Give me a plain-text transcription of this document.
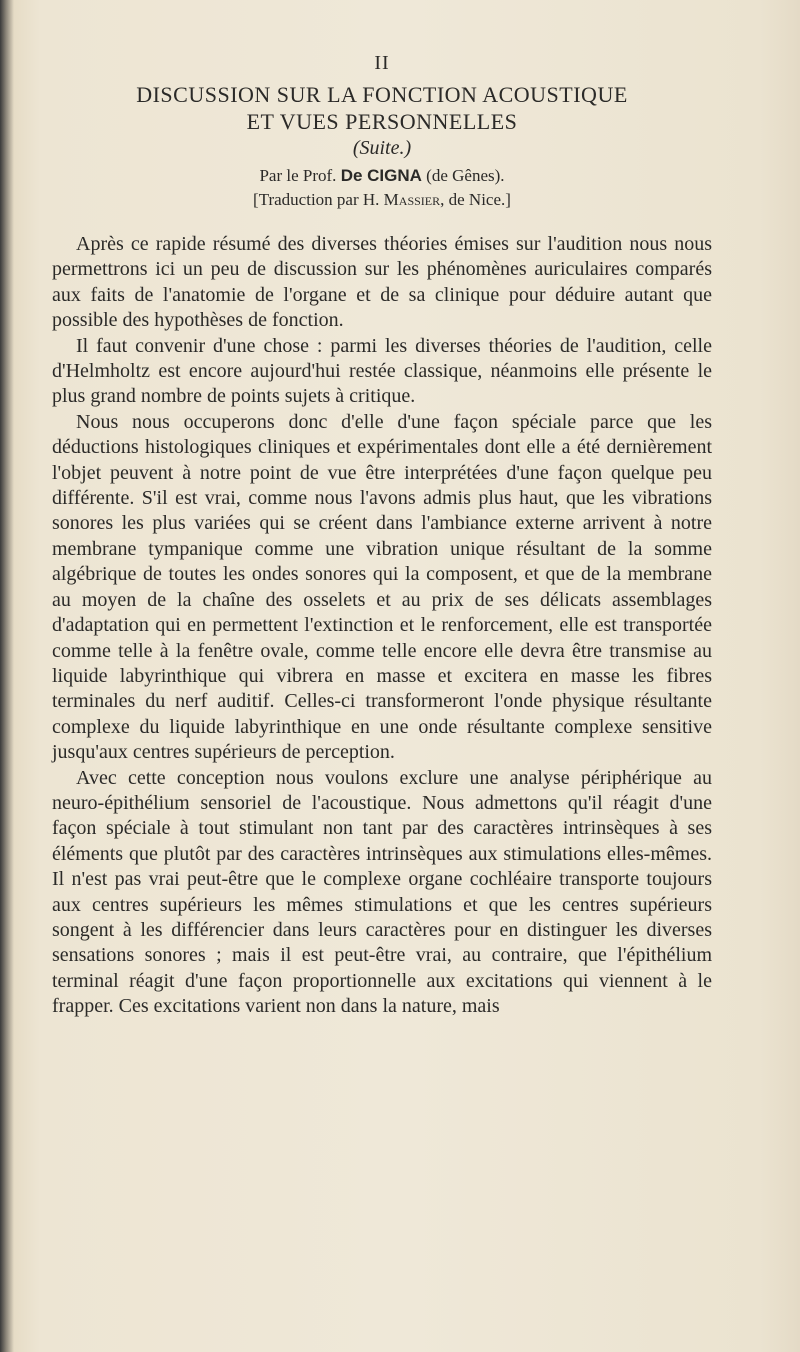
II
DISCUSSION SUR LA FONCTION ACOUSTIQUE
ET VUES PERSONNELLES
(Suite.)
Par le Prof. De CIGNA (de Gênes).
[Traduction par H. Massier, de Nice.]

Après ce rapide résumé des diverses théories émises sur l'audition nous nous permettrons ici un peu de discussion sur les phénomènes auriculaires comparés aux faits de l'anatomie de l'organe et de sa clinique pour déduire autant que possible des hypothèses de fonction.

Il faut convenir d'une chose : parmi les diverses théories de l'audition, celle d'Helmholtz est encore aujourd'hui restée classique, néanmoins elle présente le plus grand nombre de points sujets à critique.

Nous nous occuperons donc d'elle d'une façon spéciale parce que les déductions histologiques cliniques et expérimentales dont elle a été dernièrement l'objet peuvent à notre point de vue être interprétées d'une façon quelque peu différente. S'il est vrai, comme nous l'avons admis plus haut, que les vibrations sonores les plus variées qui se créent dans l'ambiance externe arrivent à notre membrane tympanique comme une vibration unique résultant de la somme algébrique de toutes les ondes sonores qui la composent, et que de la membrane au moyen de la chaîne des osselets et au prix de ses délicats assemblages d'adaptation qui en permettent l'extinction et le renforcement, elle est transportée comme telle à la fenêtre ovale, comme telle encore elle devra être transmise au liquide labyrinthique qui vibrera en masse et excitera en masse les fibres terminales du nerf auditif. Celles-ci transformeront l'onde physique résultante complexe du liquide labyrinthique en une onde résultante complexe sensitive jusqu'aux centres supérieurs de perception.

Avec cette conception nous voulons exclure une analyse périphérique au neuro-épithélium sensoriel de l'acoustique. Nous admettons qu'il réagit d'une façon spéciale à tout stimulant non tant par des caractères intrinsèques à ses éléments que plutôt par des caractères intrinsèques aux stimulations elles-mêmes. Il n'est pas vrai peut-être que le complexe organe cochléaire transporte toujours aux centres supérieurs les mêmes stimulations et que les centres supérieurs songent à les différencier dans leurs caractères pour en distinguer les diverses sensations sonores ; mais il est peut-être vrai, au contraire, que l'épithélium terminal réagit d'une façon proportionnelle aux excitations qui viennent à le frapper. Ces excitations varient non dans la nature, mais
